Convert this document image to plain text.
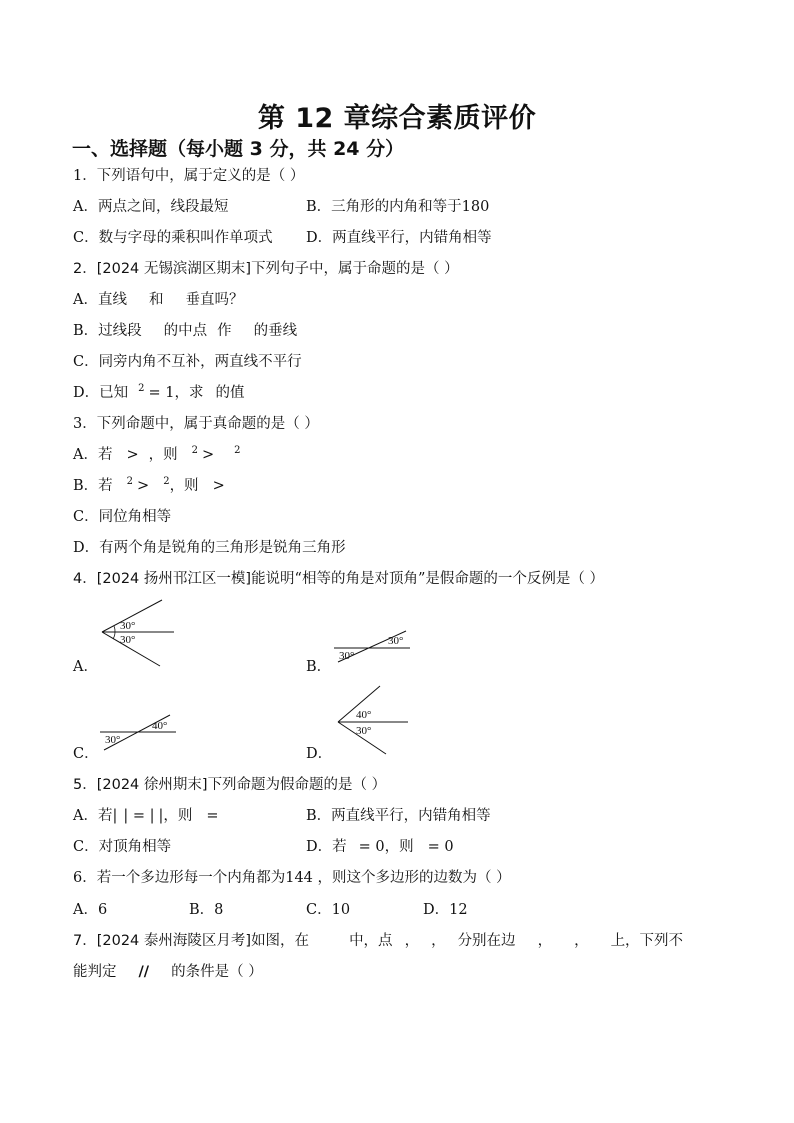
第 12 章综合素质评价
一、选择题（每小题 3 分，共 24 分）
1．下列语句中，属于定义的是（ ）
A．两点之间，线段最短	B．三角形的内角和等于180
C．数与字母的乘积叫作单项式 D．两直线平行，内错角相等
2．[2024 无锡滨湖区期末]下列句子中，属于命题的是（ ）
A．直线 和 垂直吗？
B．过线段 的中点 作 的垂线
C．同旁内角不互补，两直线不平行
D．已知 $^2$ = 1，求 的值
3．下列命题中，属于真命题的是（ ）
A．若 > ，则 $^2$ > $^2$
B．若 $^2$ > $^2$，则 >
C．同位角相等
D．有两个角是锐角的三角形是锐角三角形
4．[2024 扬州邗江区一模]能说明“相等的角是对顶角”是假命题的一个反例是（ ）
30°
30°
A．
30°
30°
B．
30°
40°
C．
40°
30°
D．
5．[2024 徐州期末]下列命题为假命题的是（ ）
A．若| | = | |，则 =	B．两直线平行，内错角相等
C．对顶角相等	D．若 = 0，则 = 0
6．若一个多边形每一个内角都为144 ，则这个多边形的边数为（ ）
A．6	B．8	C．10	D．12
7．[2024 泰州海陵区月考]如图，在	中，点 ， ， 分别在边 ， ， 上，下列不
能判定 // 的条件是（ ）
